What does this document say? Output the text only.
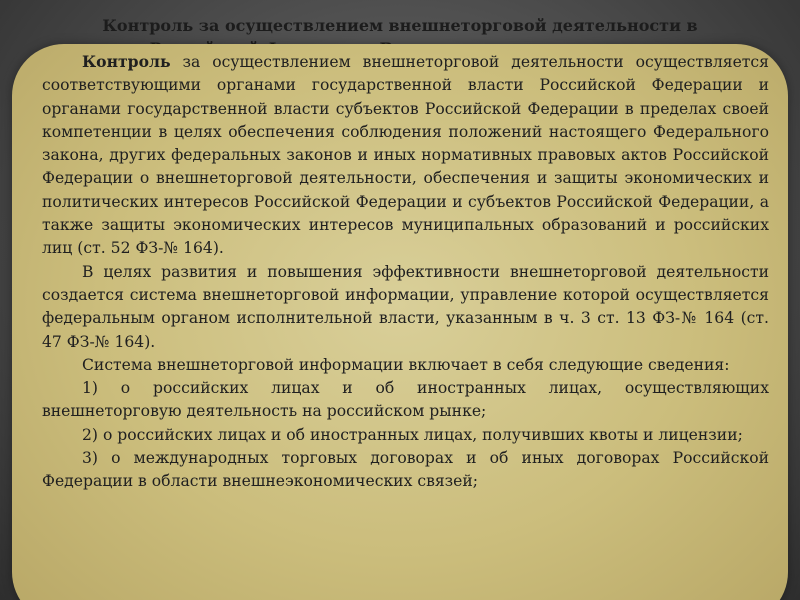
Контроль за осуществлением внешнеторговой деятельности в

Контроль за осуществлением внешнеторговой деятельности осуществляется соответствующими органами государственной власти Российской Федерации и органами государственной власти субъектов Российской Федерации в пределах своей компетенции в целях обеспечения соблюдения положений настоящего Федерального закона, других федеральных законов и иных нормативных правовых актов Российской Федерации о внешнеторговой деятельности, обеспечения и защиты экономических и политических интересов Российской Федерации и субъектов Российской Федерации, а также защиты экономических интересов муниципальных образований и российских лиц (ст. 52 ФЗ-№ 164).

В целях развития и повышения эффективности внешнеторговой деятельности создается система внешнеторговой информации, управление которой осуществляется федеральным органом исполнительной власти, указанным в ч. 3 ст. 13 ФЗ-№ 164 (ст. 47 ФЗ-№ 164).

Система внешнеторговой информации включает в себя следующие сведения:

1) о российских лицах и об иностранных лицах, осуществляющих внешнеторговую деятельность на российском рынке;

2) о российских лицах и об иностранных лицах, получивших квоты и лицензии;

3) о международных торговых договорах и об иных договорах Российской Федерации в области внешнеэкономических связей;
